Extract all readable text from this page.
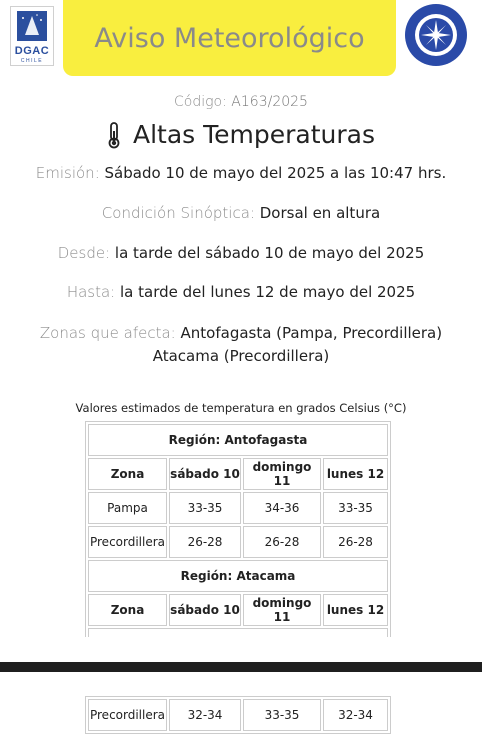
DGAC
CHILE
Aviso Meteorológico
Código: A163/2025
Altas Temperaturas
Emisión: Sábado 10 de mayo del 2025 a las 10:47 hrs.
Condición Sinóptica: Dorsal en altura
Desde: la tarde del sábado 10 de mayo del 2025
Hasta: la tarde del lunes 12 de mayo del 2025
Zonas que afecta: Antofagasta (Pampa, Precordillera)
Atacama (Precordillera)
Valores estimados de temperatura en grados Celsius (°C)
Región: Antofagasta			
Zona	sábado 10	domingo 11	lunes 12
Pampa	33-35	34-36	33-35
Precordillera	26-28	26-28	26-28
Región: Atacama			
Zona	sábado 10	domingo 11	lunes 12

Precordillera	32-34	33-35	32-34
